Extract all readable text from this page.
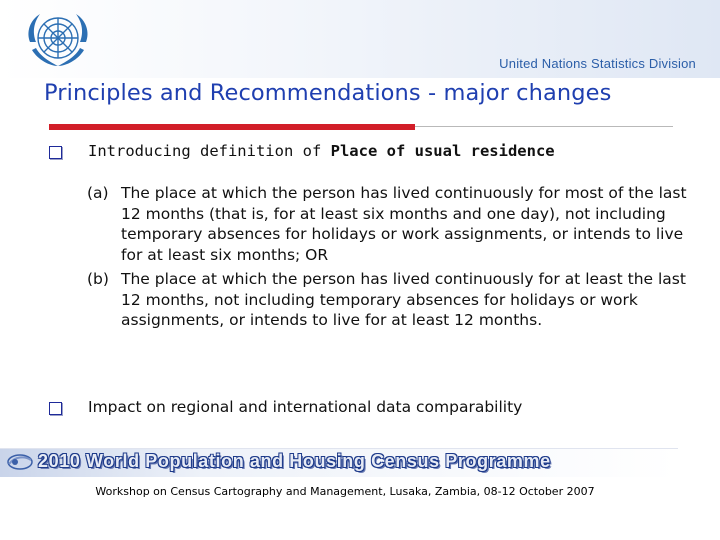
United Nations Statistics Division
Principles and Recommendations - major changes
Introducing definition of Place of usual residence
(a) The place at which the person has lived continuously for most of the last 12 months (that is, for at least six months and one day), not including temporary absences for holidays or work assignments, or intends to live for at least six months; OR
(b) The place at which the person has lived continuously for at least the last 12 months, not including temporary absences for holidays or work assignments, or intends to live for at least 12 months.
Impact on regional and international data comparability
2010 World Population and Housing Census Programme
Workshop on Census Cartography and Management, Lusaka, Zambia, 08-12 October 2007
